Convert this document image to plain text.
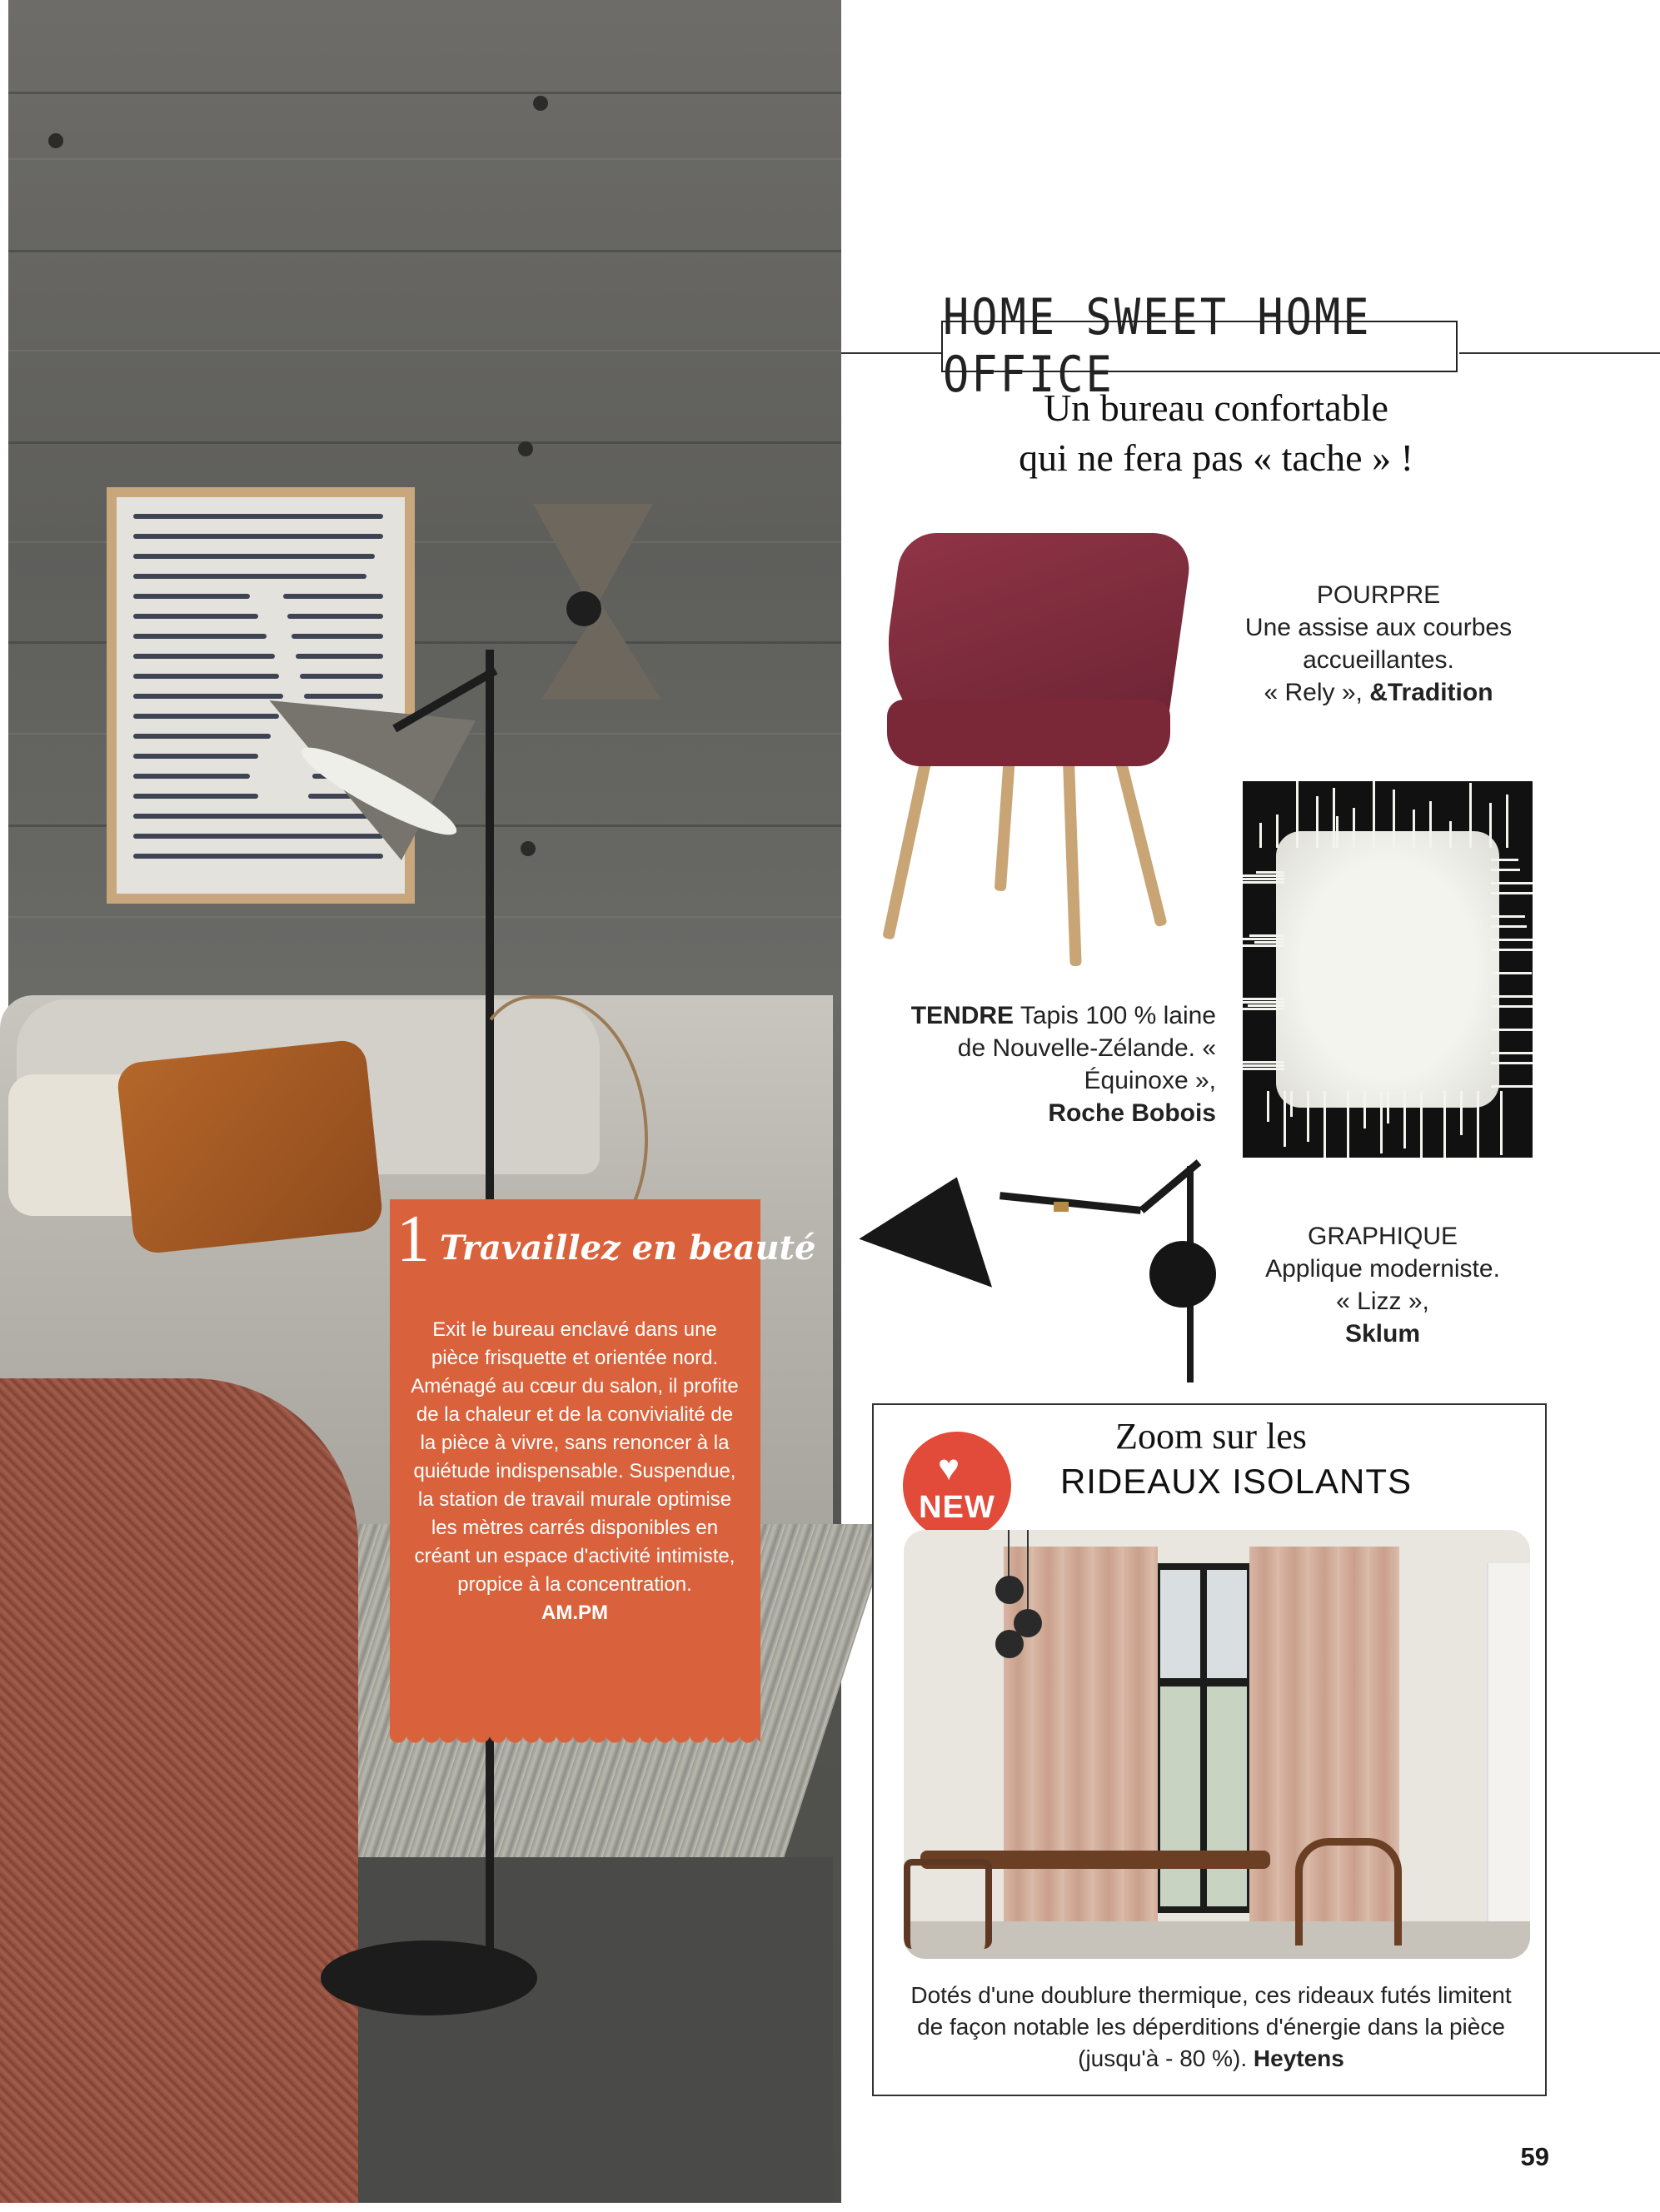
1 Travaillez en beauté
Exit le bureau enclavé dans une pièce frisquette et orientée nord. Aménagé au cœur du salon, il profite de la chaleur et de la convivialité de la pièce à vivre, sans renoncer à la quiétude indispensable. Suspendue, la station de travail murale optimise les mètres carrés disponibles en créant un espace d'activité intimiste, propice à la concentration.
AM.PM
HOME SWEET HOME OFFICE
Un bureau confortable
qui ne fera pas « tache » !
POURPRE
Une assise aux courbes accueillantes.
« Rely », &Tradition
TENDRE Tapis 100 % laine de Nouvelle-Zélande. « Équinoxe »,
Roche Bobois
GRAPHIQUE
Applique moderniste.
« Lizz »,
Sklum
Zoom sur les
RIDEAUX ISOLANTS
♥
NEW
Dotés d'une doublure thermique, ces rideaux futés limitent de façon notable les déperditions d'énergie dans la pièce (jusqu'à - 80 %). Heytens
59
